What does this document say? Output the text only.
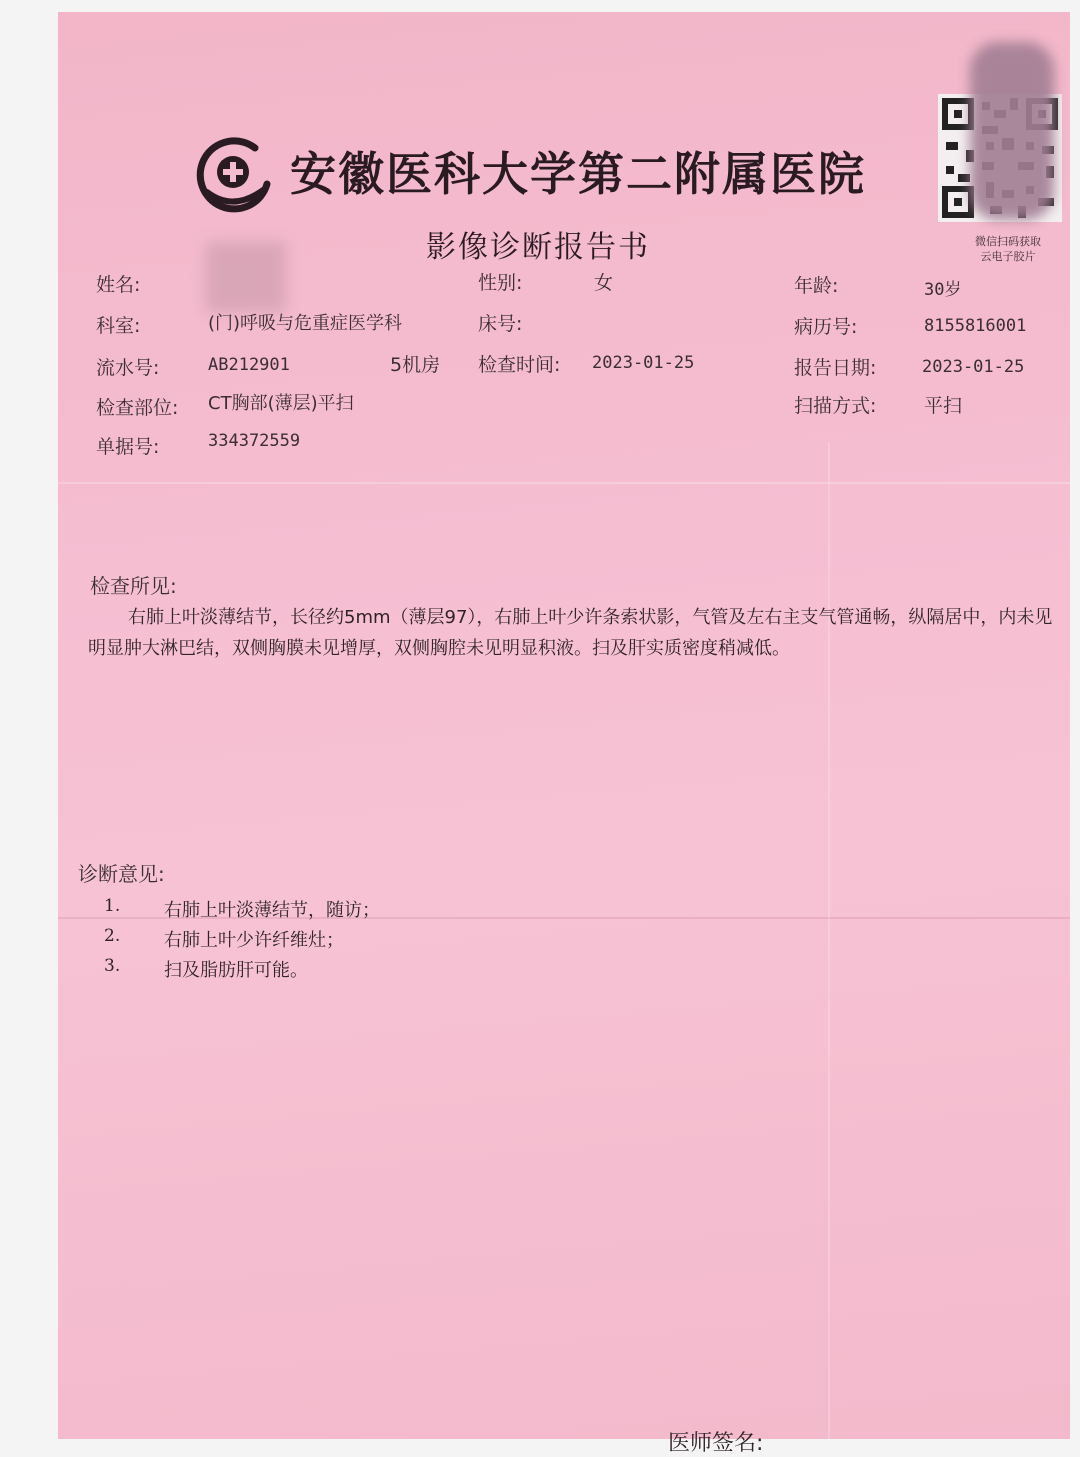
安徽医科大学第二附属医院
影像诊断报告书	微信扫码获取
云电子胶片
姓名:	性别:	女	年龄:	30岁
科室:	(门)呼吸与危重症医学科	床号:	病历号:	8155816001
流水号:	AB212901	5机房 检查时间: 2023-01-25	报告日期:	2023-01-25
检查部位: CT胸部(薄层)平扫	扫描方式:	平扫
单据号:	334372559
检查所见:
右肺上叶淡薄结节，长径约5mm（薄层97），右肺上叶少许条索状影，气管及左右主支气管通畅，纵隔居中，内未见明显肿大淋巴结，双侧胸膜未见增厚，双侧胸腔未见明显积液。扫及肝实质密度稍减低。
诊断意见:
1. 右肺上叶淡薄结节，随访；
2. 右肺上叶少许纤维灶；
3. 扫及脂肪肝可能。
医师签名:
